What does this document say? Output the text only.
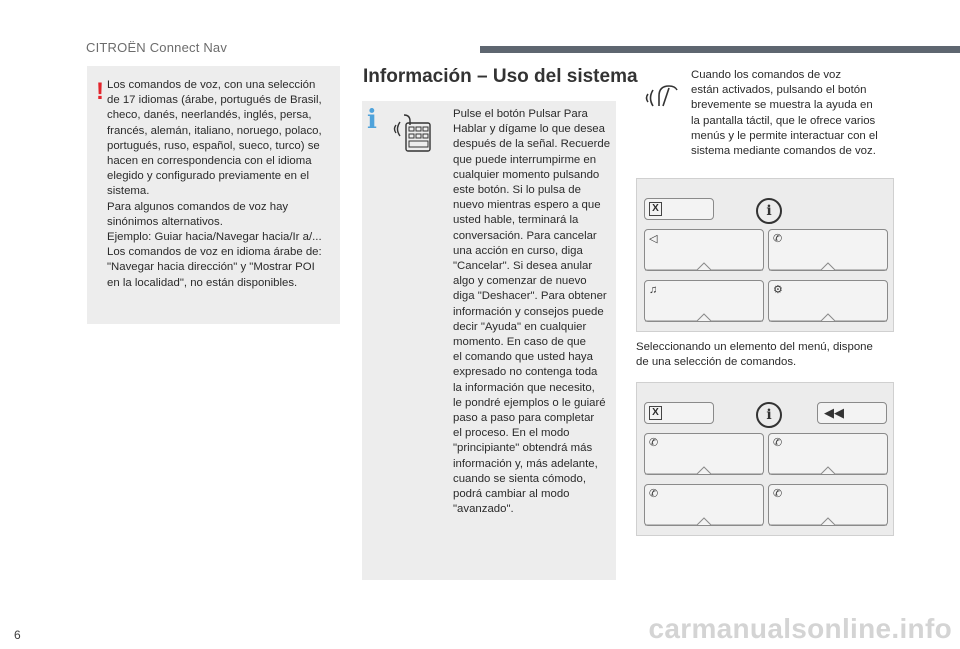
CITROËN Connect Nav
! Los comandos de voz, con una selección
de 17 idiomas (árabe, portugués de Brasil,
checo, danés, neerlandés, inglés, persa,
francés, alemán, italiano, noruego, polaco,
portugués, ruso, español, sueco, turco) se
hacen en correspondencia con el idioma
elegido y configurado previamente en el
sistema.
Para algunos comandos de voz hay
sinónimos alternativos.
Ejemplo: Guiar hacia/Navegar hacia/Ir a/...
Los comandos de voz en idioma árabe de:
"Navegar hacia dirección" y "Mostrar POI
en la localidad", no están disponibles.
Información – Uso del sistema
i	Pulse el botón Pulsar Para
Hablar y dígame lo que desea
después de la señal. Recuerde
que puede interrumpirme en
cualquier momento pulsando
este botón. Si lo pulsa de
nuevo mientras espero a que
usted hable, terminará la
conversación. Para cancelar
una acción en curso, diga
"Cancelar". Si desea anular
algo y comenzar de nuevo
diga "Deshacer". Para obtener
información y consejos puede
decir "Ayuda" en cualquier
momento. En caso de que
el comando que usted haya
expresado no contenga toda
la información que necesito,
le pondré ejemplos o le guiaré
paso a paso para completar
el proceso. En el modo
"principiante" obtendrá más
información y, más adelante,
cuando se sienta cómodo,
podrá cambiar al modo
"avanzado".
Cuando los comandos de voz
están activados, pulsando el botón
brevemente se muestra la ayuda en
la pantalla táctil, que le ofrece varios
menús y le permite interactuar con el
sistema mediante comandos de voz.
X	i
◁	✆
♫	⚙
Seleccionando un elemento del menú, dispone
de una selección de comandos.
X	i	◀◀
✆	✆
✆	✆
6	carmanualsonline.info
